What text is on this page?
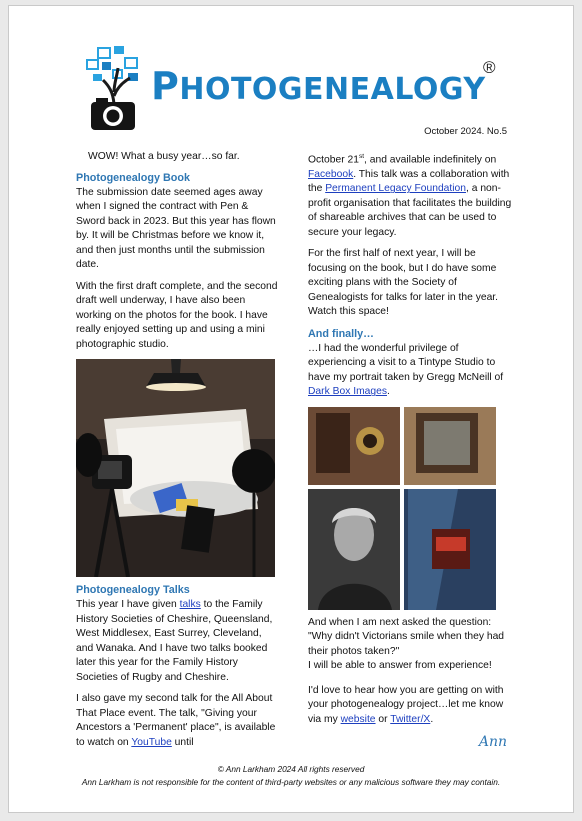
PHOTOGENEALOGY
®
October 2024. No.5
WOW! What a busy year…so far.
Photogenealogy Book

The submission date seemed ages away when I signed the contract with Pen & Sword back in 2023. But this year has flown by. It will be Christmas before we know it, and then just months until the submission date.

With the first draft complete, and the second draft well underway, I have also been working on the photos for the book. I have really enjoyed setting up and using a mini photographic studio.

Photogenealogy Talks

This year I have given talks to the Family History Societies of Cheshire, Queensland, West Middlesex, East Surrey, Cleveland, and Wanaka. And I have two talks booked later this year for the Family History Societies of Rugby and Cheshire.

I also gave my second talk for the All About That Place event. The talk, "Giving your Ancestors a 'Permanent' place", is available to watch on YouTube until

October 21st, and available indefinitely on Facebook. This talk was a collaboration with the Permanent Legacy Foundation, a non-profit organisation that facilitates the building of shareable archives that can be used to secure your legacy.

For the first half of next year, I will be focusing on the book, but I do have some exciting plans with the Society of Genealogists for talks for later in the year. Watch this space!

And finally…

…I had the wonderful privilege of experiencing a visit to a Tintype Studio to have my portrait taken by Gregg McNeill of Dark Box Images.

And when I am next asked the question:
"Why didn't Victorians smile when they had their photos taken?"
I will be able to answer from experience!

I'd love to hear how you are getting on with your photogenealogy project…let me know via my website or Twitter/X.

Ann
© Ann Larkham 2024 All rights reserved
Ann Larkham is not responsible for the content of third-party websites or any malicious software they may contain.
